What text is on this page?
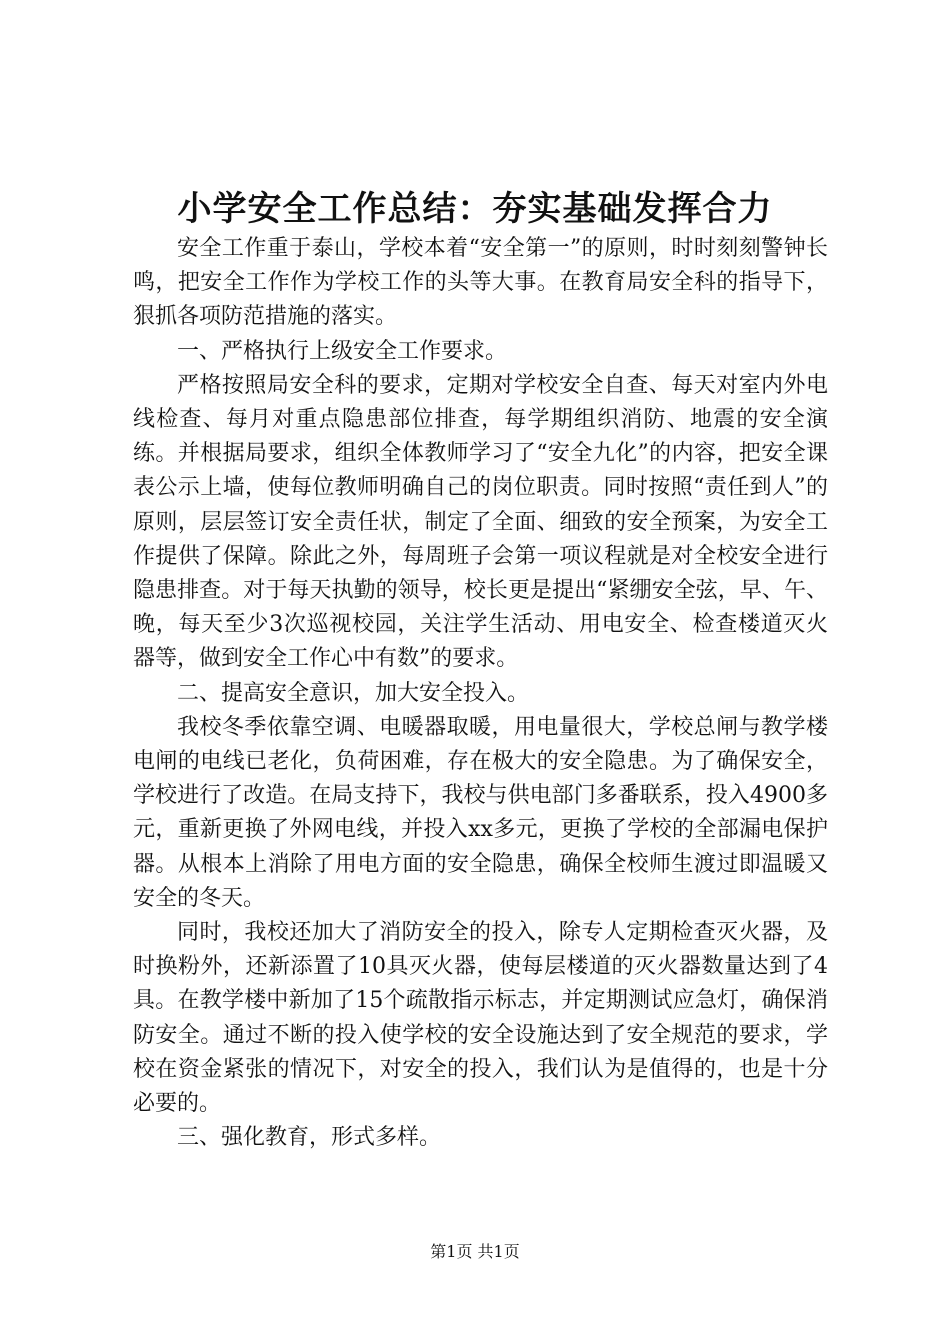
小学安全工作总结：夯实基础发挥合力

安全工作重于泰山，学校本着“安全第一”的原则，时时刻刻警钟长鸣，把安全工作作为学校工作的头等大事。在教育局安全科的指导下，狠抓各项防范措施的落实。

一、严格执行上级安全工作要求。

严格按照局安全科的要求，定期对学校安全自查、每天对室内外电线检查、每月对重点隐患部位排查，每学期组织消防、地震的安全演练。并根据局要求，组织全体教师学习了“安全九化”的内容，把安全课表公示上墙，使每位教师明确自己的岗位职责。同时按照“责任到人”的原则，层层签订安全责任状，制定了全面、细致的安全预案，为安全工作提供了保障。除此之外，每周班子会第一项议程就是对全校安全进行隐患排查。对于每天执勤的领导，校长更是提出“紧绷安全弦，早、午、晚，每天至少3次巡视校园，关注学生活动、用电安全、检查楼道灭火器等，做到安全工作心中有数”的要求。

二、提高安全意识，加大安全投入。

我校冬季依靠空调、电暖器取暖，用电量很大，学校总闸与教学楼电闸的电线已老化，负荷困难，存在极大的安全隐患。为了确保安全，学校进行了改造。在局支持下，我校与供电部门多番联系，投入4900多元，重新更换了外网电线，并投入xx多元，更换了学校的全部漏电保护器。从根本上消除了用电方面的安全隐患，确保全校师生渡过即温暖又安全的冬天。

同时，我校还加大了消防安全的投入，除专人定期检查灭火器，及时换粉外，还新添置了10具灭火器，使每层楼道的灭火器数量达到了4具。在教学楼中新加了15个疏散指示标志，并定期测试应急灯，确保消防安全。通过不断的投入使学校的安全设施达到了安全规范的要求，学校在资金紧张的情况下，对安全的投入，我们认为是值得的，也是十分必要的。

三、强化教育，形式多样。

第1页 共1页
